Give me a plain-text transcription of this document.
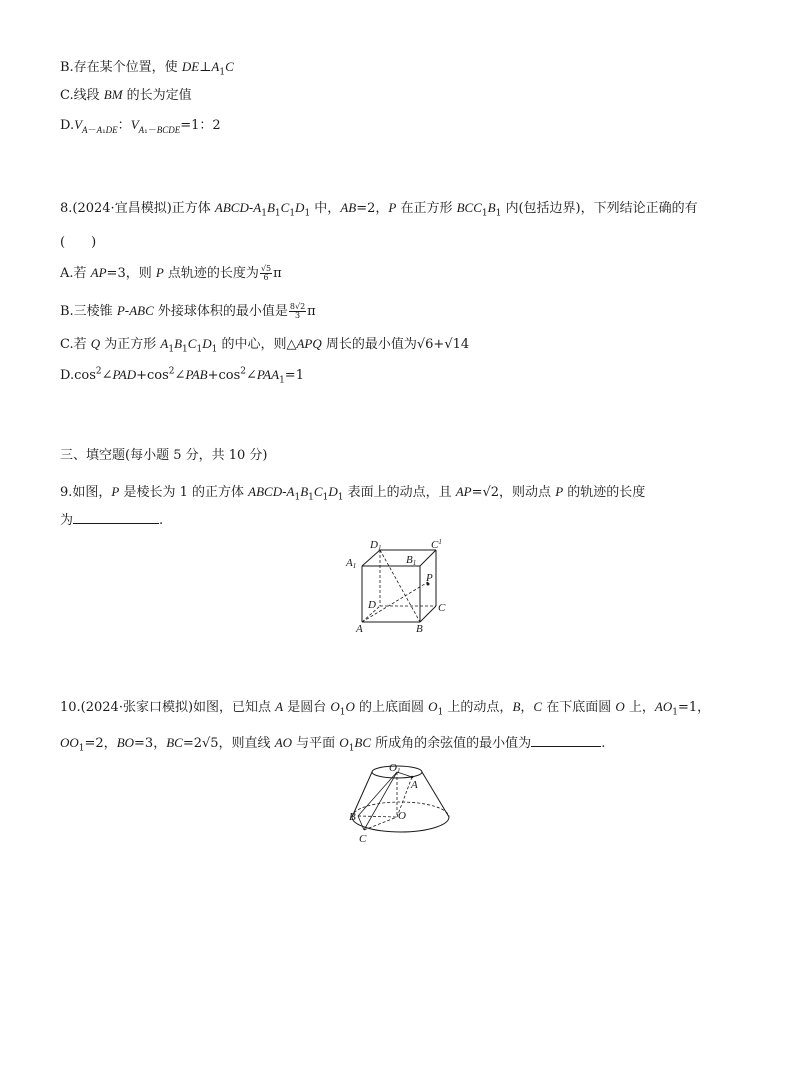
B.存在某个位置，使 $DE\perp A_1C$
C.线段 BM 的长为定值
$D.V_{A-A_1DE}$：$V_{A_1-BCDE}=1$：2
8.(2024·宜昌模拟)正方体 ABCD-$A_1B_1C_1D_1$ 中，AB=2，P 在正方形 $BCC_1B_1$ 内(包括边界)，下列结论正确的有
(　　)
A.若 AP=3，则 P 点轨迹的长度为 $\frac{√5}{6}$ π
B.三棱锥 P-ABC 外接球体积的最小值是 $\frac{8√2}{3}$ π
C.若 Q 为正方形 $A_1B_1C_1D_1$ 的中心，则△APQ 周长的最小值为√6+√14
$D.\cos^2\angle PAD+\cos^2\angle PAB+\cos^2\angle PAA_1=1$
三、填空题(每小题 5 分，共 10 分)
9.如图，P 是棱长为 1 的正方体 ABCD-$A_1B_1C_1D_1$ 表面上的动点，且 AP=√2，则动点 P 的轨迹的长度
为	.
D1
B1
$C^1$
A1
P
D	C
A	B
10.(2024·张家口模拟)如图，已知点 A 是圆台 $O_1O$ 的上底面圆 $O_1$ 上的动点，B，C 在下底面圆 O 上，$AO_1=1$，
$OO_1=2$，BO=3，BC=2√5，则直线 AO 与平面 $O_1BC$ 所成角的余弦值的最小值为	.
O1
A
B	O
C
